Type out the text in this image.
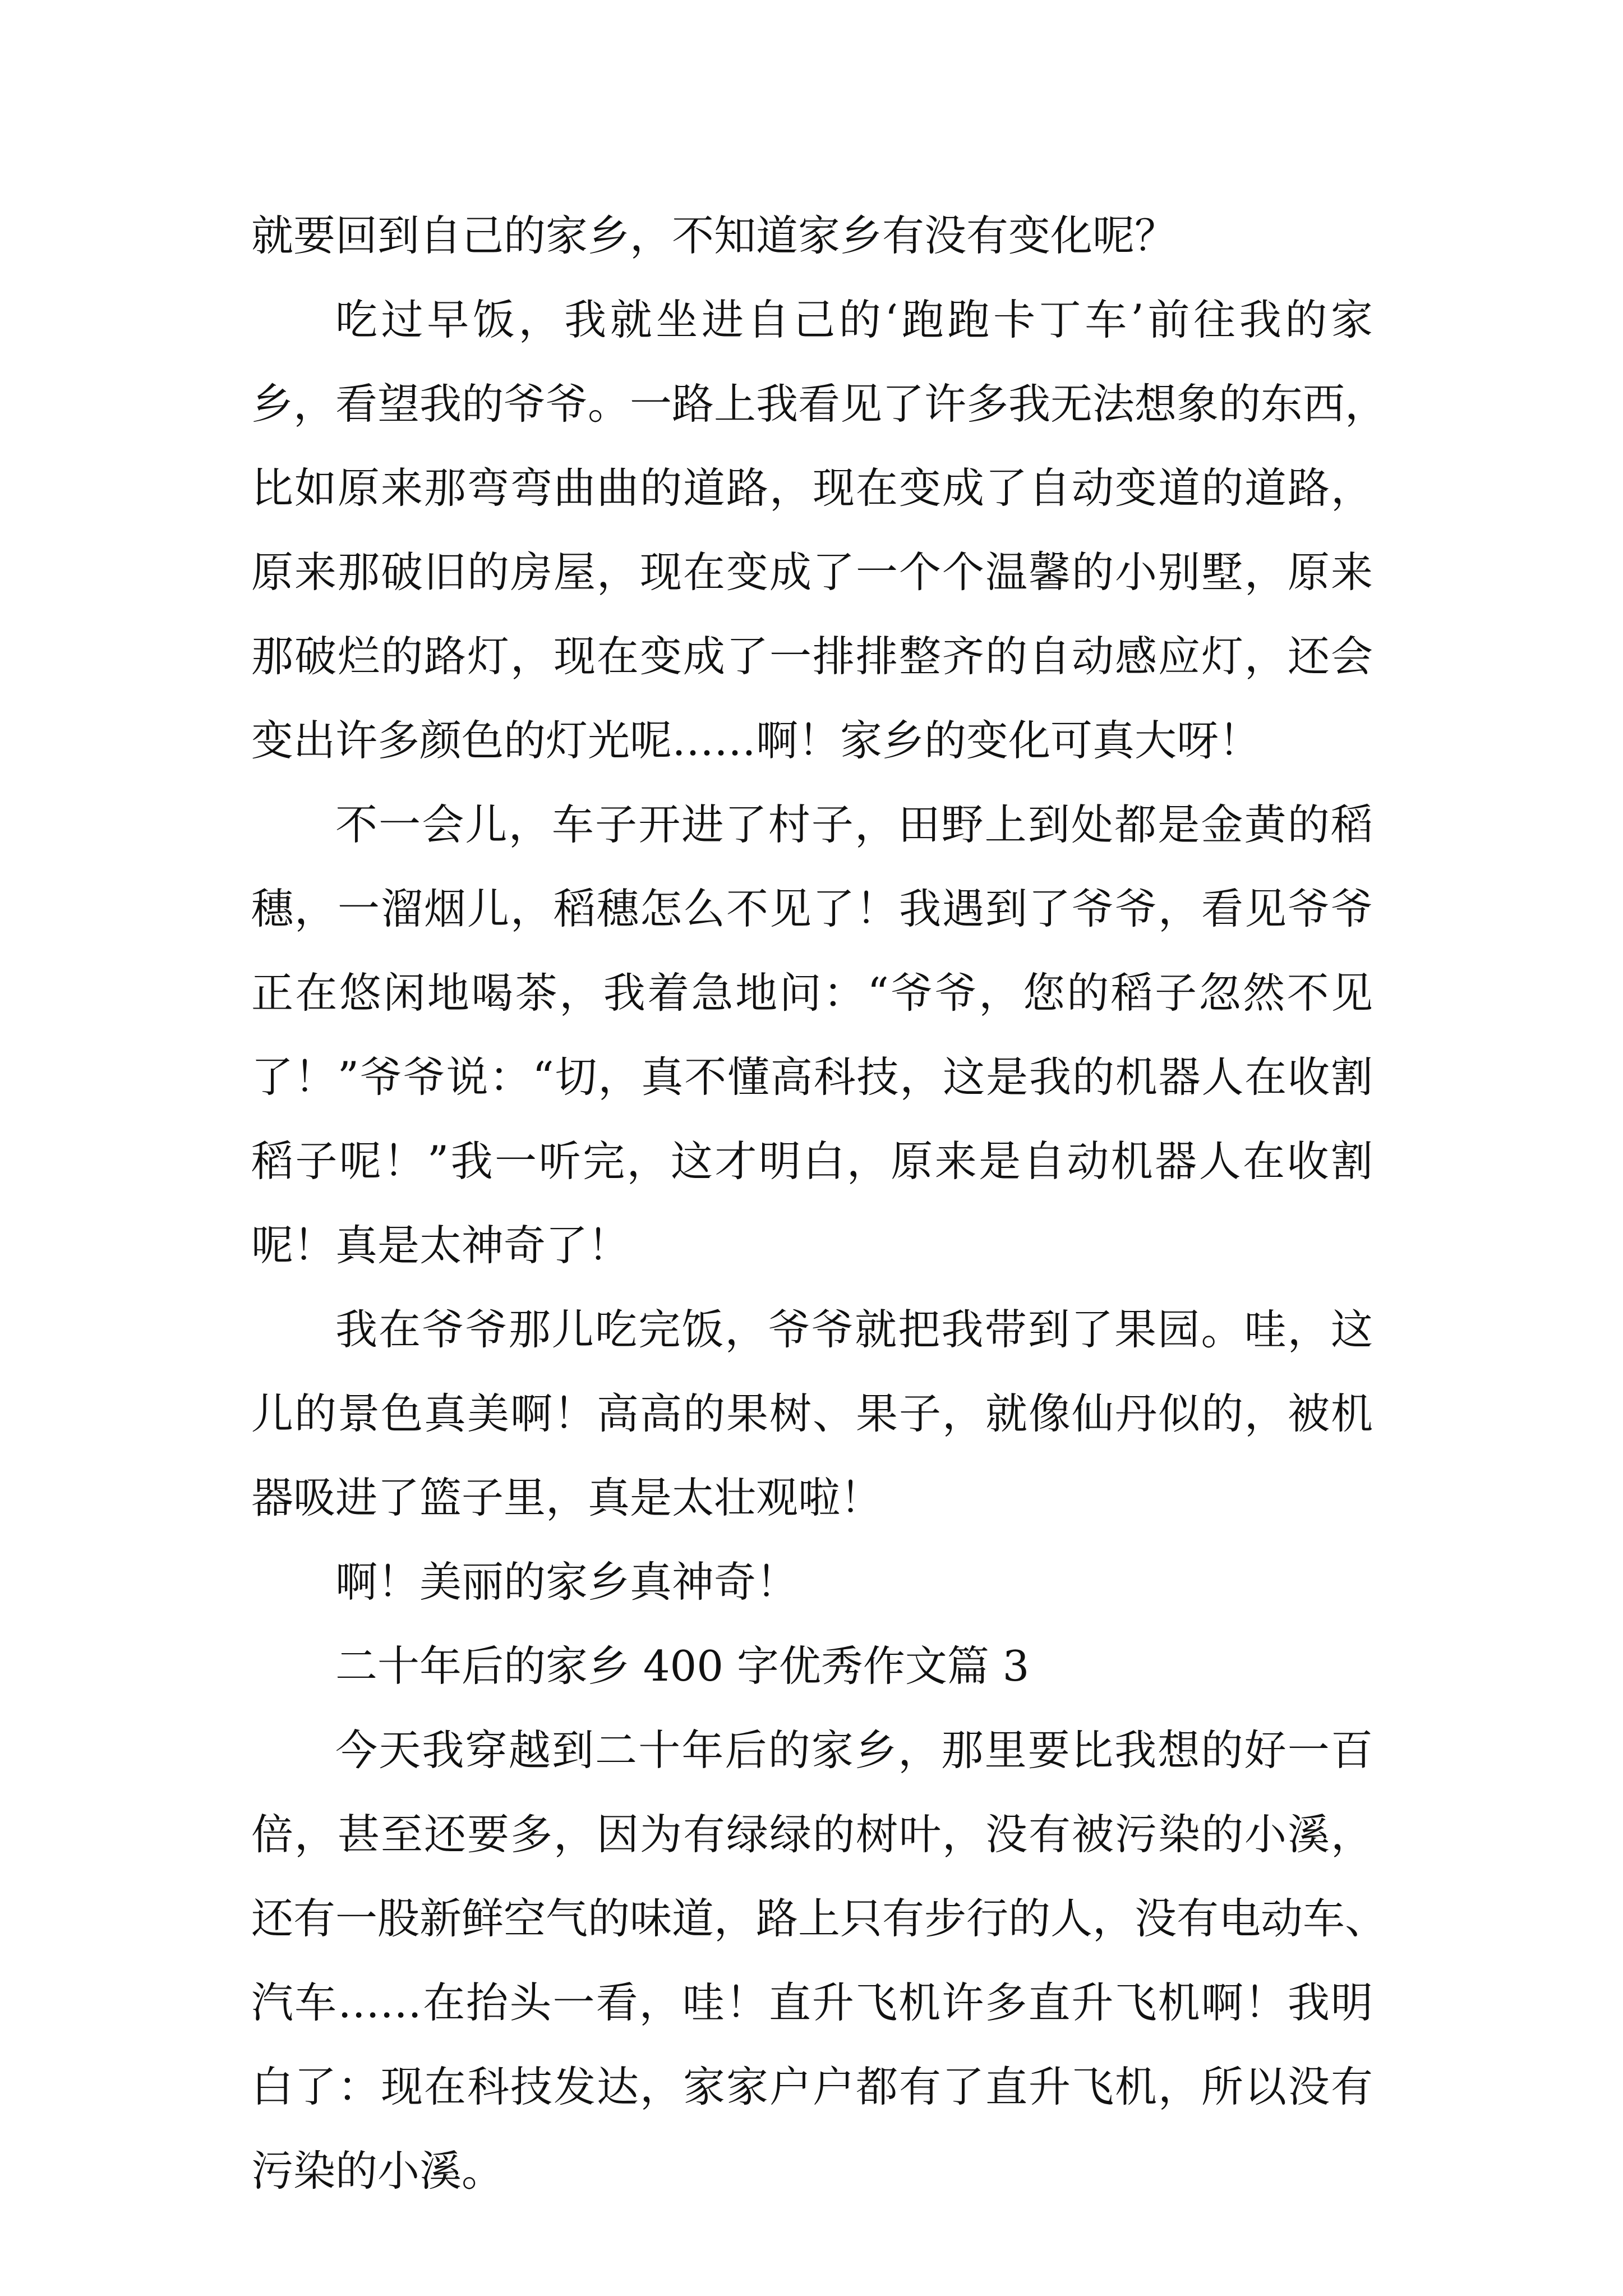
就要回到自己的家乡，不知道家乡有没有变化呢？
吃过早饭，我就坐进自己的‘跑跑卡丁车’前往我的家
乡，看望我的爷爷。一路上我看见了许多我无法想象的东西，
比如原来那弯弯曲曲的道路，现在变成了自动变道的道路，
原来那破旧的房屋，现在变成了一个个温馨的小别墅，原来
那破烂的路灯，现在变成了一排排整齐的自动感应灯，还会
变出许多颜色的灯光呢……啊！家乡的变化可真大呀！
不一会儿，车子开进了村子，田野上到处都是金黄的稻
穗，一溜烟儿，稻穗怎么不见了！我遇到了爷爷，看见爷爷
正在悠闲地喝茶，我着急地问：“爷爷，您的稻子忽然不见
了！”爷爷说：“切，真不懂高科技，这是我的机器人在收割
稻子呢！”我一听完，这才明白，原来是自动机器人在收割
呢！真是太神奇了！
我在爷爷那儿吃完饭，爷爷就把我带到了果园。哇，这
儿的景色真美啊！高高的果树、果子，就像仙丹似的，被机
器吸进了篮子里，真是太壮观啦！
啊！美丽的家乡真神奇！
二十年后的家乡 400 字优秀作文篇 3
今天我穿越到二十年后的家乡，那里要比我想的好一百
倍，甚至还要多，因为有绿绿的树叶，没有被污染的小溪，
还有一股新鲜空气的味道，路上只有步行的人，没有电动车、
汽车……在抬头一看，哇！直升飞机许多直升飞机啊！我明
白了：现在科技发达，家家户户都有了直升飞机，所以没有
污染的小溪。
